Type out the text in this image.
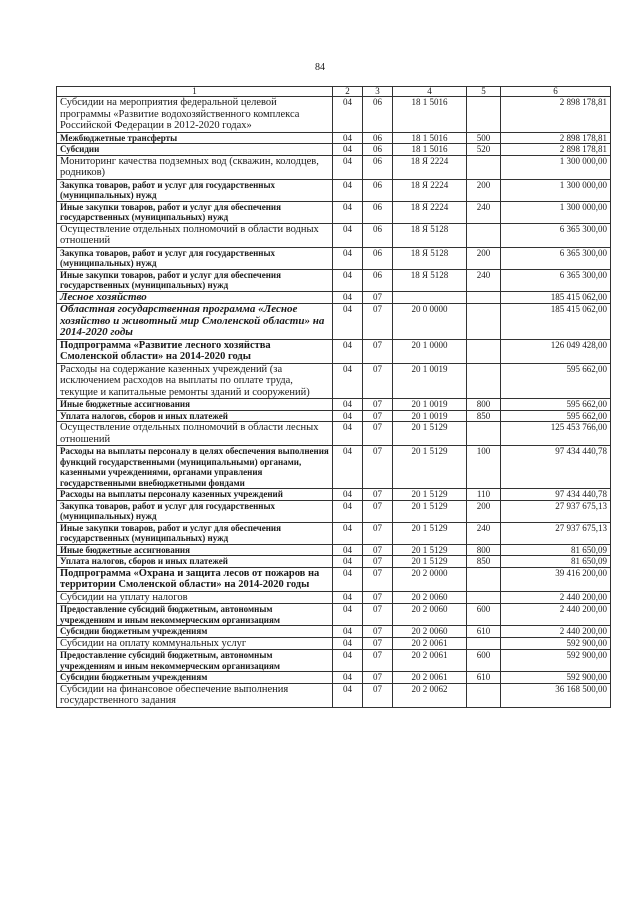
84
1	2	3	4	5	6
Субсидии на мероприятия федеральной целевой программы «Развитие водохозяйственного комплекса Российской Федерации в 2012-2020 годах»	04	06	18 1 5016		2 898 178,81
Межбюджетные трансферты	04	06	18 1 5016	500	2 898 178,81
Субсидии	04	06	18 1 5016	520	2 898 178,81
Мониторинг качества подземных вод (скважин, колодцев, родников)	04	06	18 Я 2224		1 300 000,00
Закупка товаров, работ и услуг для государственных (муниципальных) нужд	04	06	18 Я 2224	200	1 300 000,00
Иные закупки товаров, работ и услуг для обеспечения государственных (муниципальных) нужд	04	06	18 Я 2224	240	1 300 000,00
Осуществление отдельных полномочий в области водных отношений	04	06	18 Я 5128		6 365 300,00
Закупка товаров, работ и услуг для государственных (муниципальных) нужд	04	06	18 Я 5128	200	6 365 300,00
Иные закупки товаров, работ и услуг для обеспечения государственных (муниципальных) нужд	04	06	18 Я 5128	240	6 365 300,00
Лесное хозяйство	04	07			185 415 062,00
Областная государственная программа «Лесное хозяйство и животный мир Смоленской области» на 2014-2020 годы	04	07	20 0 0000		185 415 062,00
Подпрограмма «Развитие лесного хозяйства Смоленской области» на 2014-2020 годы	04	07	20 1 0000		126 049 428,00
Расходы на содержание казенных учреждений (за исключением расходов на выплаты по оплате труда, текущие и капитальные ремонты зданий и сооружений)	04	07	20 1 0019		595 662,00
Иные бюджетные ассигнования	04	07	20 1 0019	800	595 662,00
Уплата налогов, сборов и иных платежей	04	07	20 1 0019	850	595 662,00
Осуществление отдельных полномочий в области лесных отношений	04	07	20 1 5129		125 453 766,00
Расходы на выплаты персоналу в целях обеспечения выполнения функций государственными (муниципальными) органами, казенными учреждениями, органами управления государственными внебюджетными фондами	04	07	20 1 5129	100	97 434 440,78
Расходы на выплаты персоналу казенных учреждений	04	07	20 1 5129	110	97 434 440,78
Закупка товаров, работ и услуг для государственных (муниципальных) нужд	04	07	20 1 5129	200	27 937 675,13
Иные закупки товаров, работ и услуг для обеспечения государственных (муниципальных) нужд	04	07	20 1 5129	240	27 937 675,13
Иные бюджетные ассигнования	04	07	20 1 5129	800	81 650,09
Уплата налогов, сборов и иных платежей	04	07	20 1 5129	850	81 650,09
Подпрограмма «Охрана и защита лесов от пожаров на территории Смоленской области» на 2014-2020 годы	04	07	20 2 0000		39 416 200,00
Субсидии на уплату налогов	04	07	20 2 0060		2 440 200,00
Предоставление субсидий бюджетным, автономным учреждениям и иным некоммерческим организациям	04	07	20 2 0060	600	2 440 200,00
Субсидии бюджетным учреждениям	04	07	20 2 0060	610	2 440 200,00
Субсидии на оплату коммунальных услуг	04	07	20 2 0061		592 900,00
Предоставление субсидий бюджетным, автономным учреждениям и иным некоммерческим организациям	04	07	20 2 0061	600	592 900,00
Субсидии бюджетным учреждениям	04	07	20 2 0061	610	592 900,00
Субсидии на финансовое обеспечение выполнения государственного задания	04	07	20 2 0062		36 168 500,00
